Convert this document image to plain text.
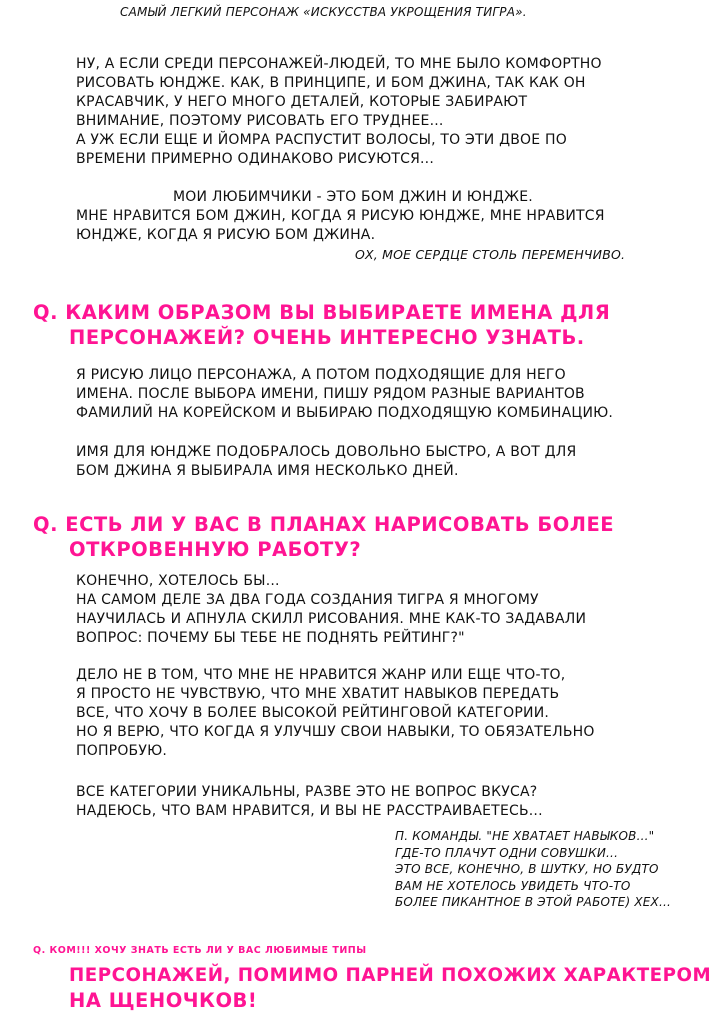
САМЫЙ ЛЕГКИЙ ПЕРСОНАЖ «ИСКУССТВА УКРОЩЕНИЯ ТИГРА».
НУ, А ЕСЛИ СРЕДИ ПЕРСОНАЖЕЙ-ЛЮДЕЙ, ТО МНЕ БЫЛО КОМФОРТНО
РИСОВАТЬ ЮНДЖЕ. КАК, В ПРИНЦИПЕ, И БОМ ДЖИНА, ТАК КАК ОН
КРАСАВЧИК, У НЕГО МНОГО ДЕТАЛЕЙ, КОТОРЫЕ ЗАБИРАЮТ
ВНИМАНИЕ, ПОЭТОМУ РИСОВАТЬ ЕГО ТРУДНЕЕ...
А УЖ ЕСЛИ ЕЩЕ И ЙОМРА РАСПУСТИТ ВОЛОСЫ, ТО ЭТИ ДВОЕ ПО
ВРЕМЕНИ ПРИМЕРНО ОДИНАКОВО РИСУЮТСЯ...
МОИ ЛЮБИМЧИКИ - ЭТО БОМ ДЖИН И ЮНДЖЕ.
МНЕ НРАВИТСЯ БОМ ДЖИН, КОГДА Я РИСУЮ ЮНДЖЕ, МНЕ НРАВИТСЯ
ЮНДЖЕ, КОГДА Я РИСУЮ БОМ ДЖИНА.
ОХ, МОЕ СЕРДЦЕ СТОЛЬ ПЕРЕМЕНЧИВО.
Q. КАКИМ ОБРАЗОМ ВЫ ВЫБИРАЕТЕ ИМЕНА ДЛЯ
ПЕРСОНАЖЕЙ? ОЧЕНЬ ИНТЕРЕСНО УЗНАТЬ.
Я РИСУЮ ЛИЦО ПЕРСОНАЖА, А ПОТОМ ПОДХОДЯЩИЕ ДЛЯ НЕГО
ИМЕНА. ПОСЛЕ ВЫБОРА ИМЕНИ, ПИШУ РЯДОМ РАЗНЫЕ ВАРИАНТОВ
ФАМИЛИЙ НА КОРЕЙСКОМ И ВЫБИРАЮ ПОДХОДЯЩУЮ КОМБИНАЦИЮ.
ИМЯ ДЛЯ ЮНДЖЕ ПОДОБРАЛОСЬ ДОВОЛЬНО БЫСТРО, А ВОТ ДЛЯ
БОМ ДЖИНА Я ВЫБИРАЛА ИМЯ НЕСКОЛЬКО ДНЕЙ.
Q. ЕСТЬ ЛИ У ВАС В ПЛАНАХ НАРИСОВАТЬ БОЛЕЕ
ОТКРОВЕННУЮ РАБОТУ?
КОНЕЧНО, ХОТЕЛОСЬ БЫ...
НА САМОМ ДЕЛЕ ЗА ДВА ГОДА СОЗДАНИЯ ТИГРА Я МНОГОМУ
НАУЧИЛАСЬ И АПНУЛА СКИЛЛ РИСОВАНИЯ. МНЕ КАК-ТО ЗАДАВАЛИ
ВОПРОС: ПОЧЕМУ БЫ ТЕБЕ НЕ ПОДНЯТЬ РЕЙТИНГ?"
ДЕЛО НЕ В ТОМ, ЧТО МНЕ НЕ НРАВИТСЯ ЖАНР ИЛИ ЕЩЕ ЧТО-ТО,
Я ПРОСТО НЕ ЧУВСТВУЮ, ЧТО МНЕ ХВАТИТ НАВЫКОВ ПЕРЕДАТЬ
ВСЕ, ЧТО ХОЧУ В БОЛЕЕ ВЫСОКОЙ РЕЙТИНГОВОЙ КАТЕГОРИИ.
НО Я ВЕРЮ, ЧТО КОГДА Я УЛУЧШУ СВОИ НАВЫКИ, ТО ОБЯЗАТЕЛЬНО
ПОПРОБУЮ.
ВСЕ КАТЕГОРИИ УНИКАЛЬНЫ, РАЗВЕ ЭТО НЕ ВОПРОС ВКУСА?
НАДЕЮСЬ, ЧТО ВАМ НРАВИТСЯ, И ВЫ НЕ РАССТРАИВАЕТЕСЬ...
П. КОМАНДЫ. "НЕ ХВАТАЕТ НАВЫКОВ..."
ГДЕ-ТО ПЛАЧУТ ОДНИ СОВУШКИ...
ЭТО ВСЕ, КОНЕЧНО, В ШУТКУ, НО БУДТО
ВАМ НЕ ХОТЕЛОСЬ УВИДЕТЬ ЧТО-ТО
БОЛЕЕ ПИКАНТНОЕ В ЭТОЙ РАБОТЕ) ХЕХ...
Q. КОМ!!! ХОЧУ ЗНАТЬ ЕСТЬ ЛИ У ВАС ЛЮБИМЫЕ ТИПЫ
ПЕРСОНАЖЕЙ, ПОМИМО ПАРНЕЙ ПОХОЖИХ ХАРАКТЕРОМ
НА ЩЕНОЧКОВ!
